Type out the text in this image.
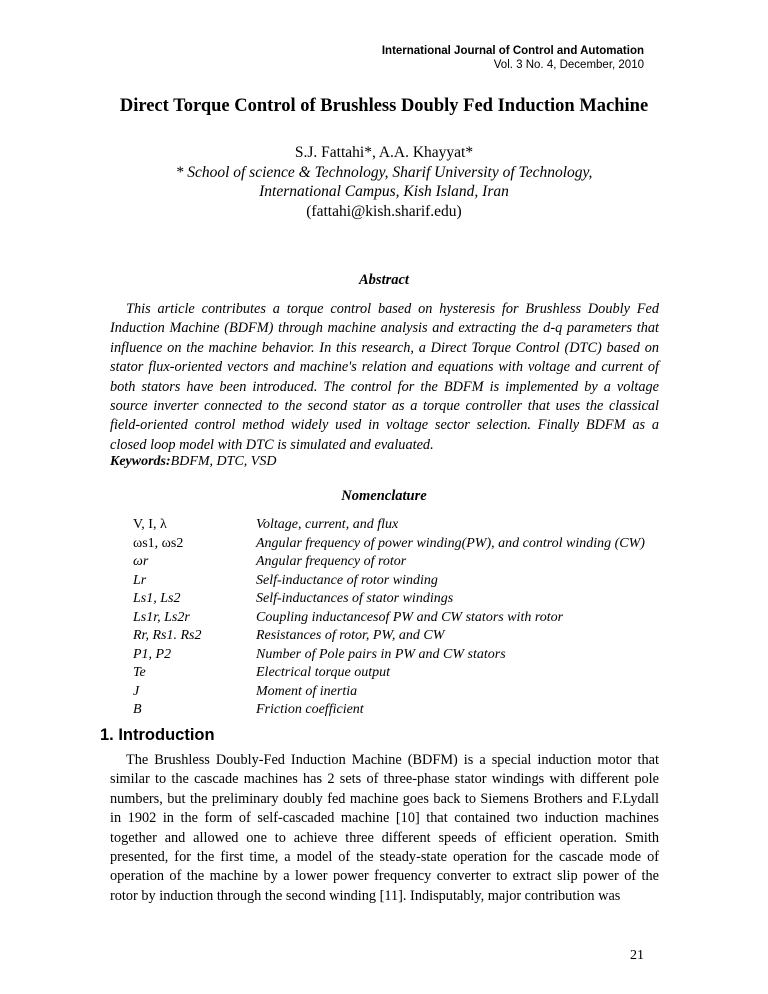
International Journal of Control and Automation
Vol. 3 No. 4, December, 2010
Direct Torque Control of Brushless Doubly Fed Induction Machine
S.J. Fattahi*, A.A. Khayyat*
* School of science & Technology, Sharif University of Technology,
International Campus, Kish Island, Iran
(fattahi@kish.sharif.edu)
Abstract

This article contributes a torque control based on hysteresis for Brushless Doubly Fed Induction Machine (BDFM) through machine analysis and extracting the d-q parameters that influence on the machine behavior. In this research, a Direct Torque Control (DTC) based on stator flux-oriented vectors and machine's relation and equations with voltage and current of both stators have been introduced. The control for the BDFM is implemented by a voltage source inverter connected to the second stator as a torque controller that uses the classical field-oriented control method widely used in voltage sector selection. Finally BDFM as a closed loop model with DTC is simulated and evaluated.

Keywords:BDFM, DTC, VSD
Nomenclature
V, I, λ	Voltage, current, and flux
ωs1, ωs2	Angular frequency of power winding(PW), and control winding (CW)
ωr	Angular frequency of rotor
Lr	Self-inductance of rotor winding
Ls1, Ls2	Self-inductances of stator windings
Ls1r, Ls2r	Coupling inductancesof PW and CW stators with rotor
Rr, Rs1. Rs2	Resistances of rotor, PW, and CW
P1, P2	Number of Pole pairs in PW and CW stators
Te	Electrical torque output
J	Moment of inertia
B	Friction coefficient
1. Introduction

The Brushless Doubly-Fed Induction Machine (BDFM) is a special induction motor that similar to the cascade machines has 2 sets of three-phase stator windings with different pole numbers, but the preliminary doubly fed machine goes back to Siemens Brothers and F.Lydall in 1902 in the form of self-cascaded machine [10] that contained two induction machines together and allowed one to achieve three different speeds of efficient operation. Smith presented, for the first time, a model of the steady-state operation for the cascade mode of operation of the machine by a lower power frequency converter to extract slip power of the rotor by induction through the second winding [11]. Indisputably, major contribution was

21
